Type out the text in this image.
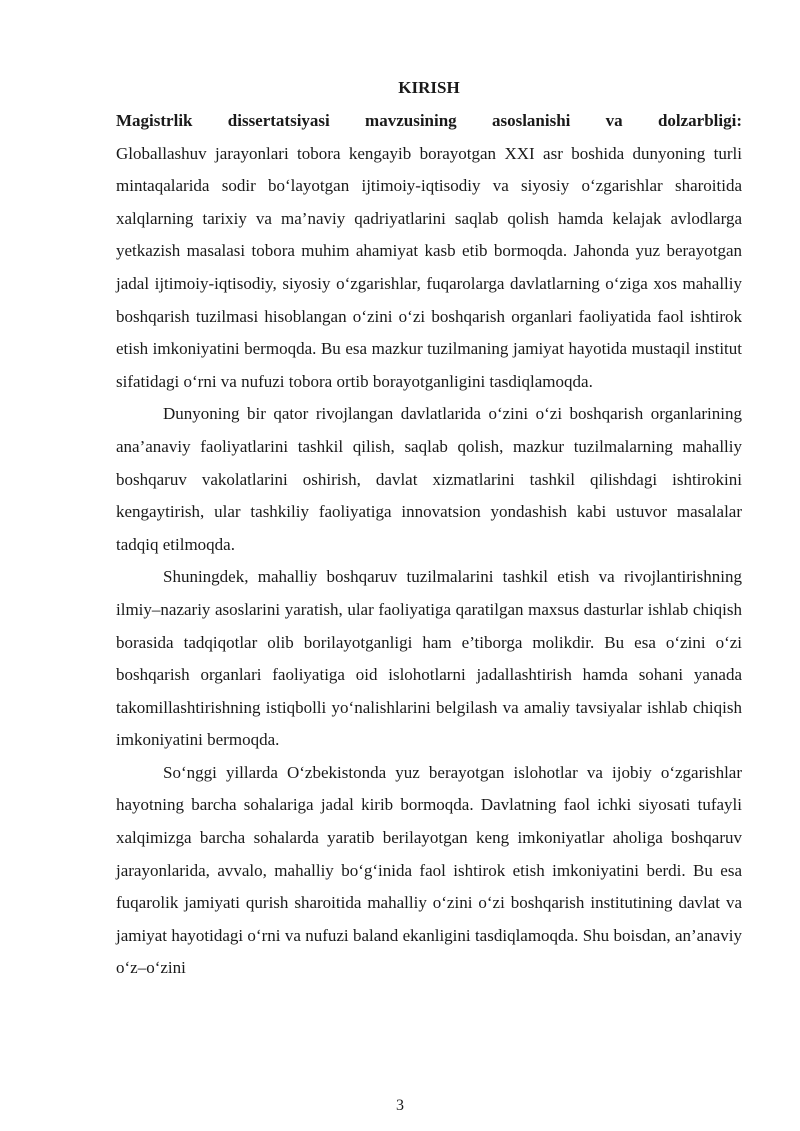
KIRISH

Magistrlik dissertatsiyasi mavzusining asoslanishi va dolzarbligi:
Globallashuv jarayonlari tobora kengayib borayotgan XXI asr boshida dunyoning turli mintaqalarida sodir bo‘layotgan ijtimoiy-iqtisodiy va siyosiy o‘zgarishlar sharoitida xalqlarning tarixiy va ma’naviy qadriyatlarini saqlab qolish hamda kelajak avlodlarga yetkazish masalasi tobora muhim ahamiyat kasb etib bormoqda. Jahonda yuz berayotgan jadal ijtimoiy-iqtisodiy, siyosiy o‘zgarishlar, fuqarolarga davlatlarning o‘ziga xos mahalliy boshqarish tuzilmasi hisoblangan o‘zini o‘zi boshqarish organlari faoliyatida faol ishtirok etish imkoniyatini bermoqda. Bu esa mazkur tuzilmaning jamiyat hayotida mustaqil institut sifatidagi o‘rni va nufuzi tobora ortib borayotganligini tasdiqlamoqda.

Dunyoning bir qator rivojlangan davlatlarida o‘zini o‘zi boshqarish organlarining ana’anaviy faoliyatlarini tashkil qilish, saqlab qolish, mazkur tuzilmalarning mahalliy boshqaruv vakolatlarini oshirish, davlat xizmatlarini tashkil qilishdagi ishtirokini kengaytirish, ular tashkiliy faoliyatiga innovatsion yondashish kabi ustuvor masalalar tadqiq etilmoqda.

Shuningdek, mahalliy boshqaruv tuzilmalarini tashkil etish va rivojlantirishning ilmiy–nazariy asoslarini yaratish, ular faoliyatiga qaratilgan maxsus dasturlar ishlab chiqish borasida tadqiqotlar olib borilayotganligi ham e’tiborga molikdir. Bu esa o‘zini o‘zi boshqarish organlari faoliyatiga oid islohotlarni jadallashtirish hamda sohani yanada takomillashtirishning istiqbolli yo‘nalishlarini belgilash va amaliy tavsiyalar ishlab chiqish imkoniyatini bermoqda.

So‘nggi yillarda O‘zbekistonda yuz berayotgan islohotlar va ijobiy o‘zgarishlar hayotning barcha sohalariga jadal kirib bormoqda. Davlatning faol ichki siyosati tufayli xalqimizga barcha sohalarda yaratib berilayotgan keng imkoniyatlar aholiga boshqaruv jarayonlarida, avvalo, mahalliy bo‘g‘inida faol ishtirok etish imkoniyatini berdi. Bu esa fuqarolik jamiyati qurish sharoitida mahalliy o‘zini o‘zi boshqarish institutining davlat va jamiyat hayotidagi o‘rni va nufuzi baland ekanligini tasdiqlamoqda. Shu boisdan, an’anaviy o‘z–o‘zini

3
